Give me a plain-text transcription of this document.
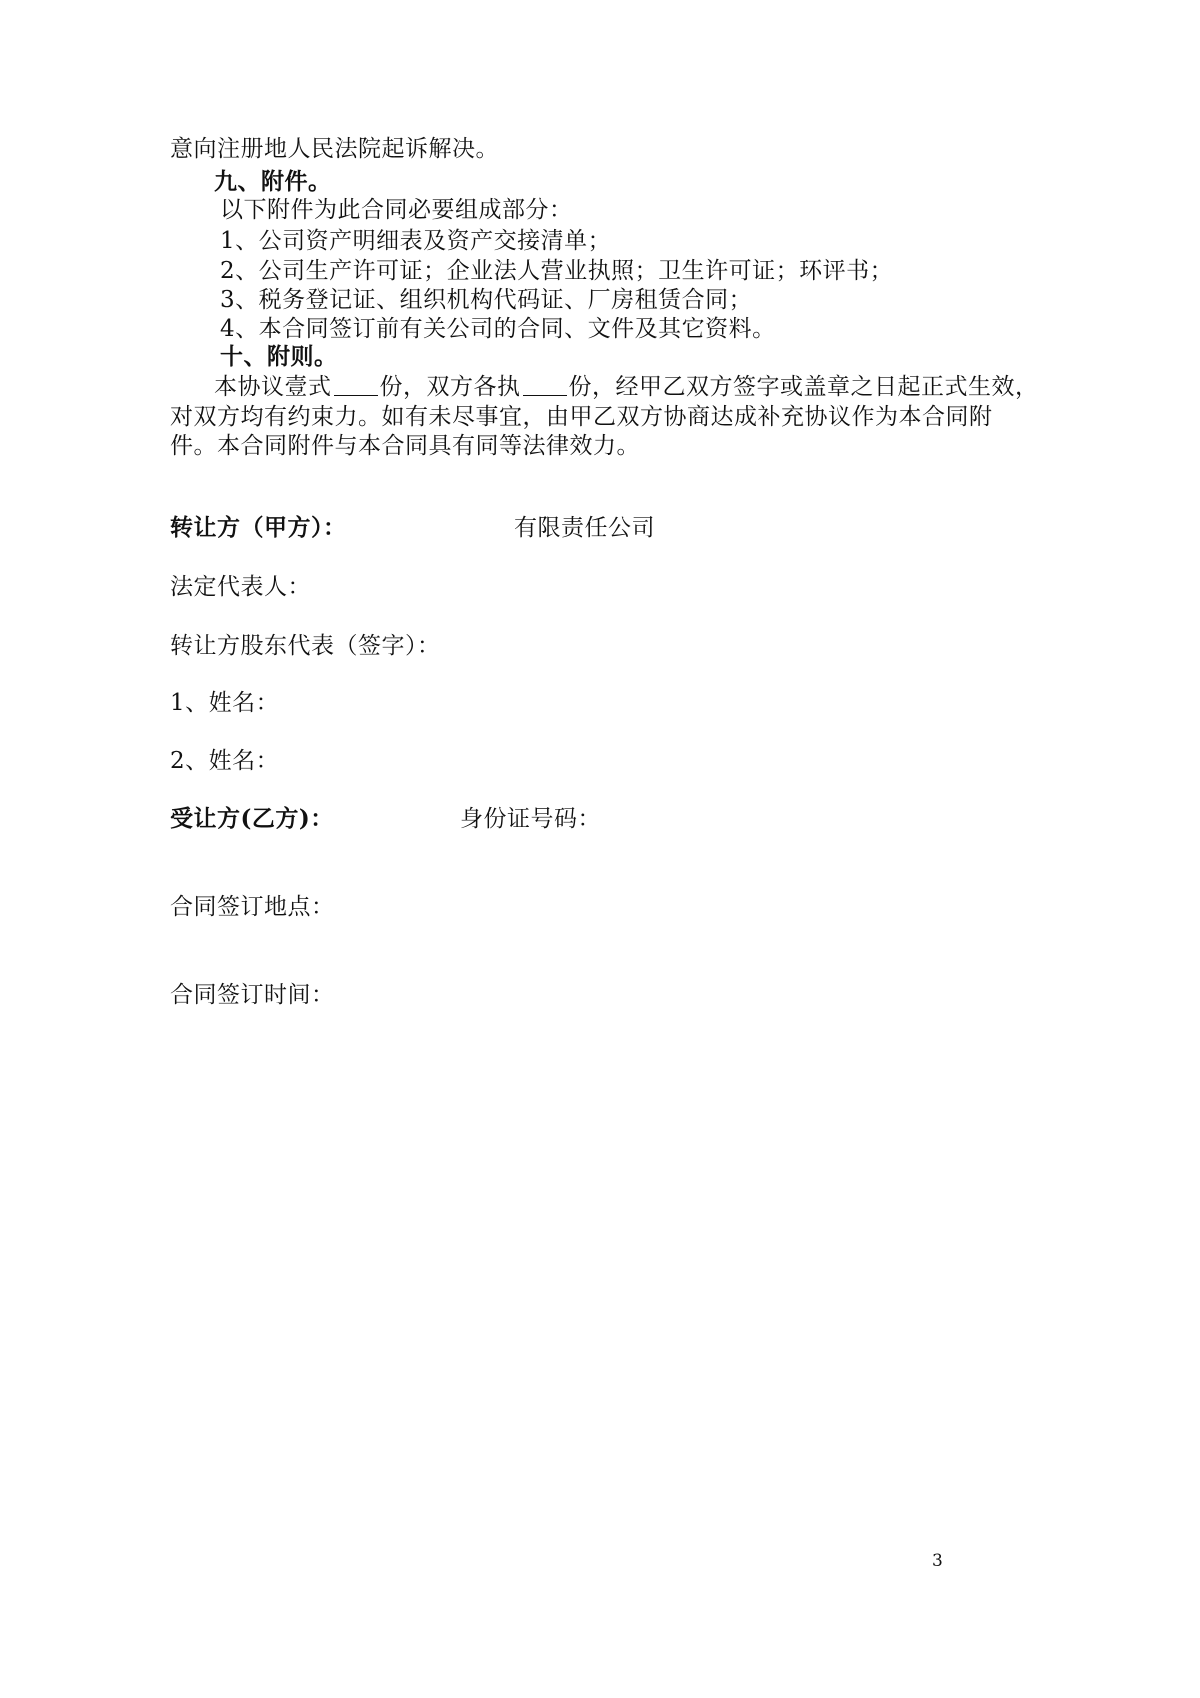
意向注册地人民法院起诉解决。
九、附件。
以下附件为此合同必要组成部分：
1、公司资产明细表及资产交接清单；
2、公司生产许可证；企业法人营业执照；卫生许可证；环评书；
3、税务登记证、组织机构代码证、厂房租赁合同；
4、本合同签订前有关公司的合同、文件及其它资料。
十、附则。
本协议壹式 份，双方各执 份，经甲乙双方签字或盖章之日起正式生效，
对双方均有约束力。如有未尽事宜，由甲乙双方协商达成补充协议作为本合同附
件。本合同附件与本合同具有同等法律效力。
转让方（甲方）：	有限责任公司
法定代表人：
转让方股东代表（签字）：
1、姓名：
2、姓名：
受让方(乙方)：	身份证号码：
合同签订地点：
合同签订时间：
3
